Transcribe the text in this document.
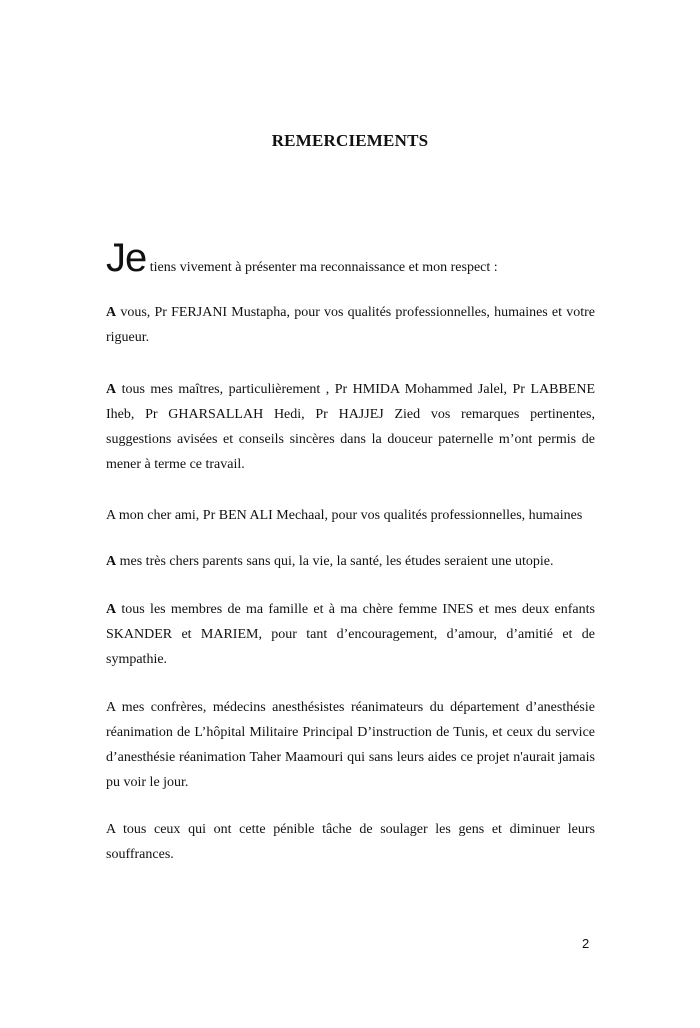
REMERCIEMENTS
Je tiens vivement à présenter ma reconnaissance et mon respect :

A vous, Pr FERJANI Mustapha, pour vos qualités professionnelles, humaines et votre rigueur.

A tous mes maîtres, particulièrement , Pr HMIDA Mohammed Jalel, Pr LABBENE Iheb, Pr GHARSALLAH Hedi, Pr HAJJEJ Zied vos remarques pertinentes, suggestions avisées et conseils sincères dans la douceur paternelle m’ont permis de mener à terme ce travail.

A mon cher ami, Pr BEN ALI Mechaal, pour vos qualités professionnelles, humaines

A mes très chers parents sans qui, la vie, la santé, les études seraient une utopie.

A tous les membres de ma famille et à ma chère femme INES et mes deux enfants SKANDER et MARIEM, pour tant d’encouragement, d’amour, d’amitié et de sympathie.

A mes confrères, médecins anesthésistes réanimateurs du département d’anesthésie réanimation de L’hôpital Militaire Principal D’instruction de Tunis, et ceux du service d’anesthésie réanimation Taher Maamouri qui sans leurs aides ce projet n'aurait jamais pu voir le jour.

A tous ceux qui ont cette pénible tâche de soulager les gens et diminuer leurs souffrances.

2
